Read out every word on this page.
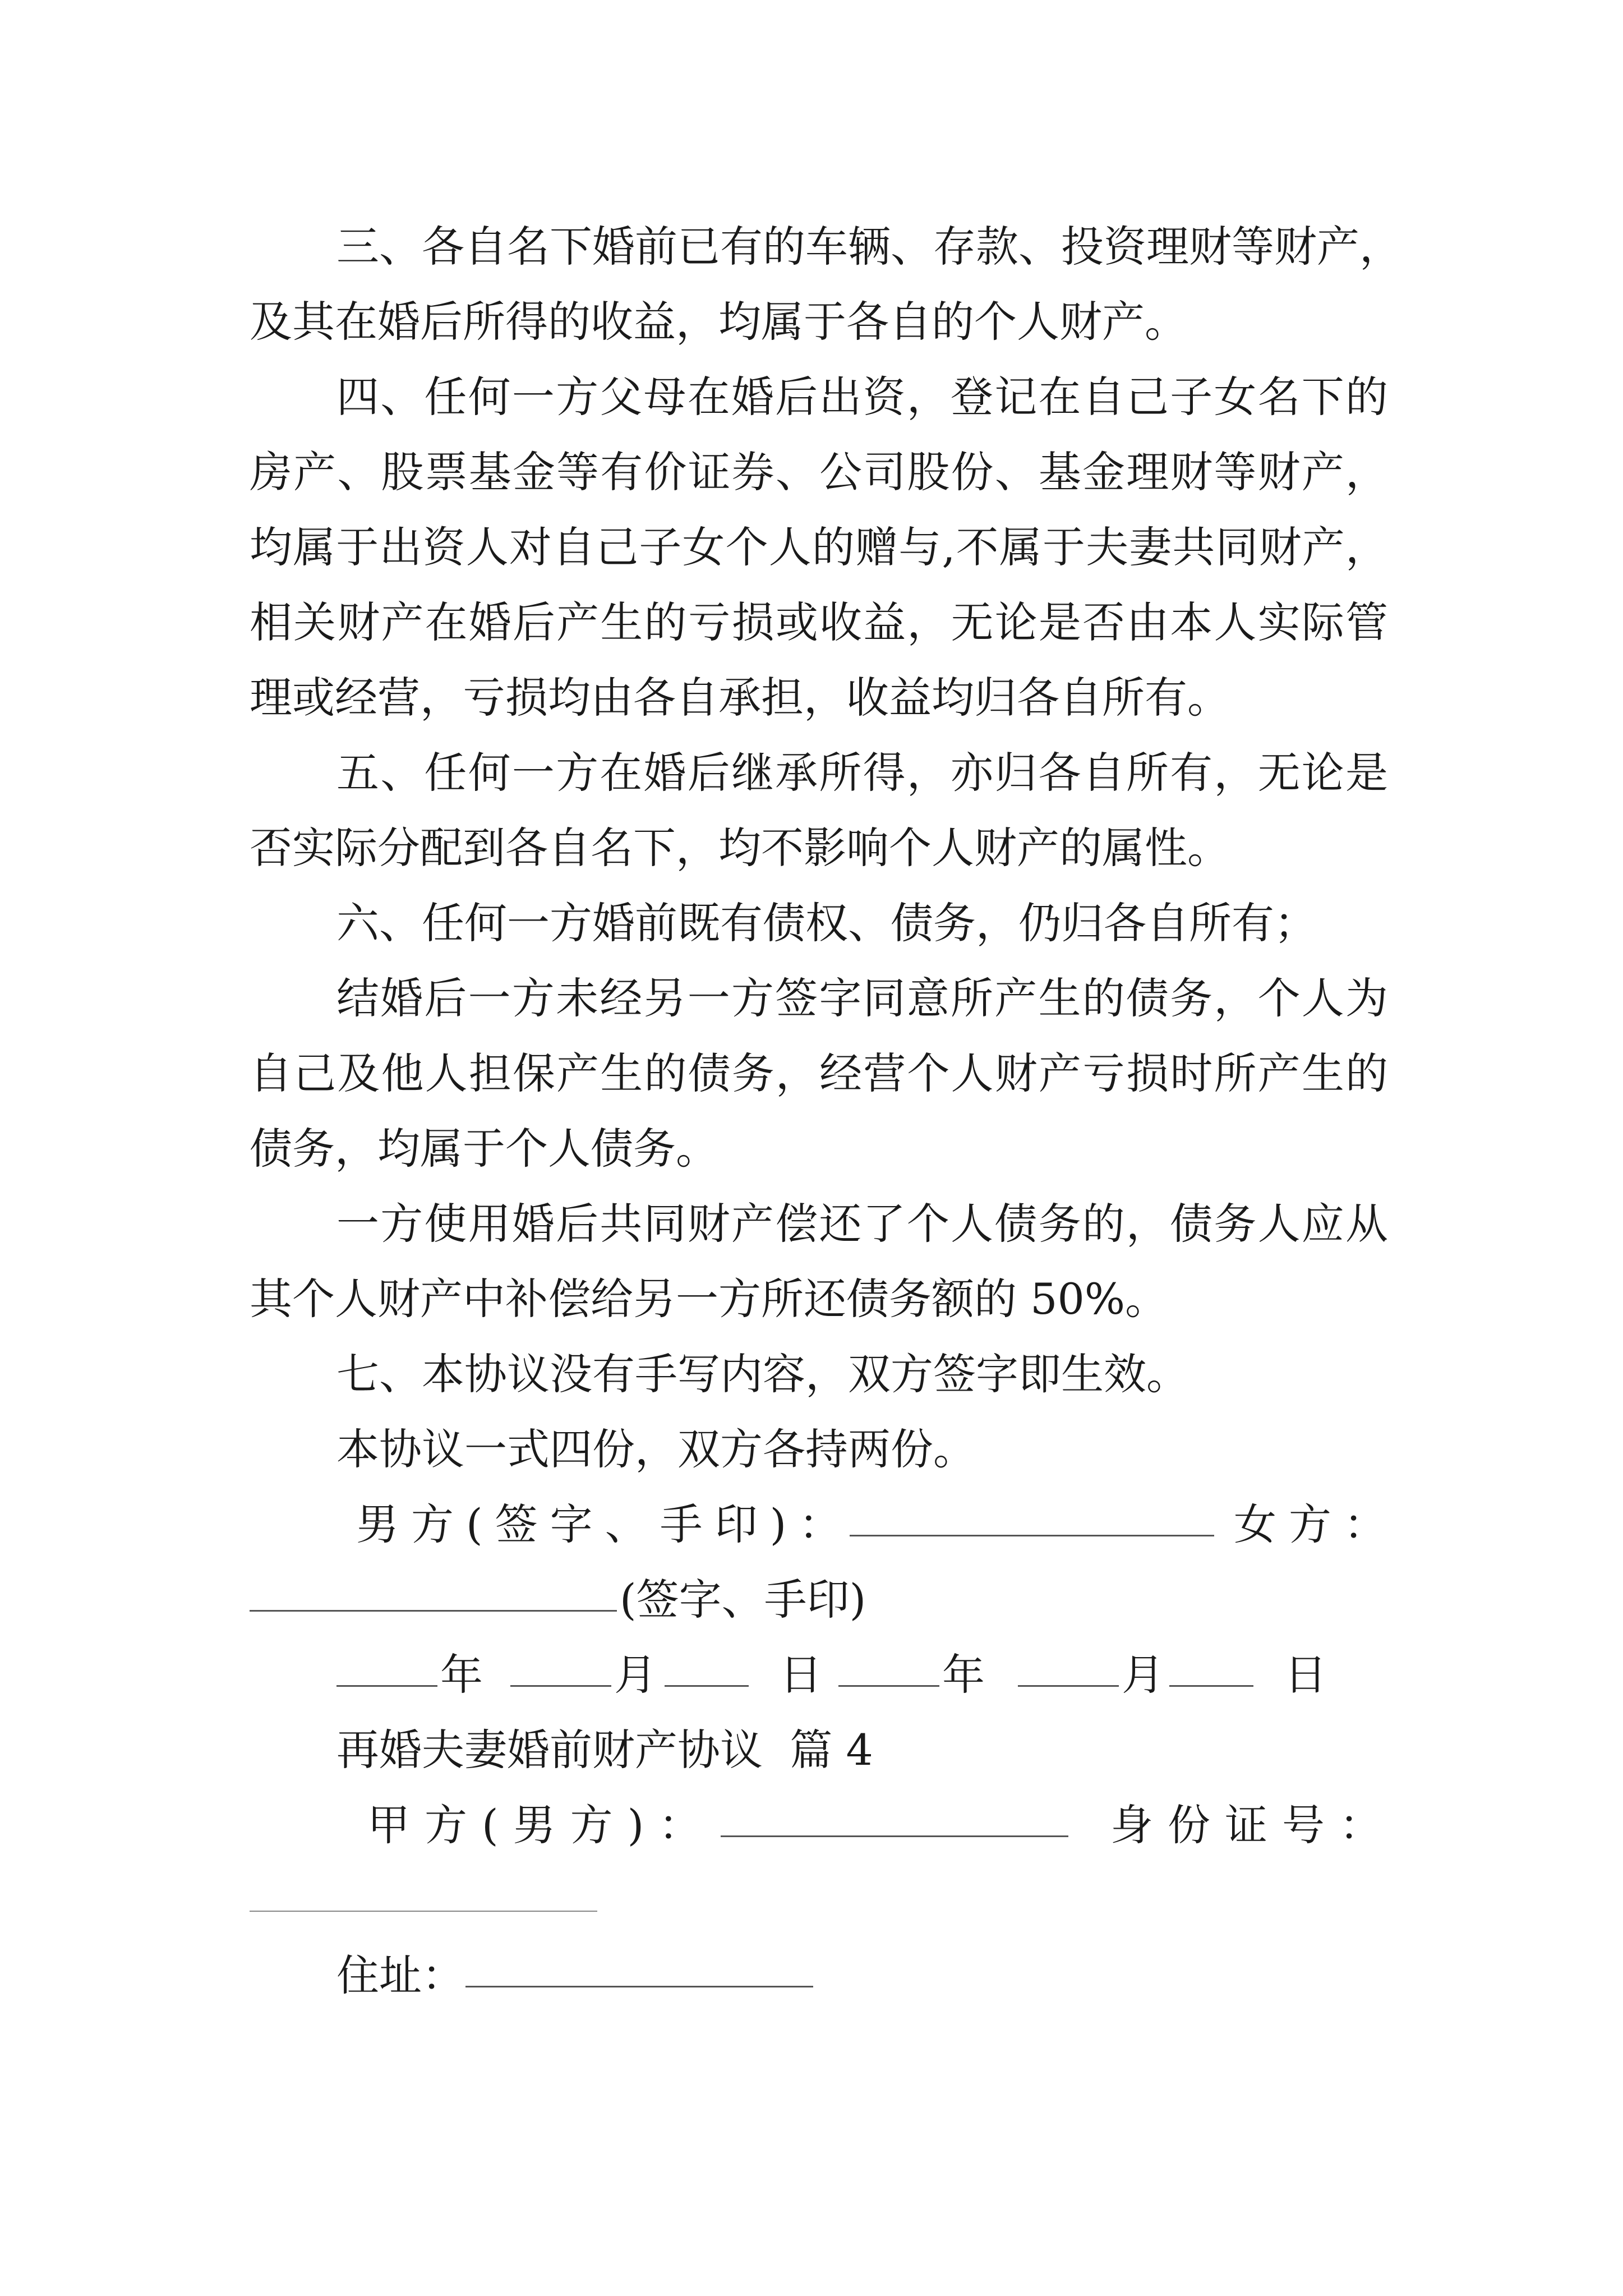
三、各自名下婚前已有的车辆、存款、投资理财等财产，
及其在婚后所得的收益，均属于各自的个人财产。
四、任何一方父母在婚后出资，登记在自己子女名下的
房产、股票基金等有价证券、公司股份、基金理财等财产，
均属于出资人对自己子女个人的赠与,不属于夫妻共同财产，
相关财产在婚后产生的亏损或收益，无论是否由本人实际管
理或经营，亏损均由各自承担，收益均归各自所有。
五、任何一方在婚后继承所得，亦归各自所有，无论是
否实际分配到各自名下，均不影响个人财产的属性。
六、任何一方婚前既有债权、债务，仍归各自所有；
结婚后一方未经另一方签字同意所产生的债务，个人为
自己及他人担保产生的债务，经营个人财产亏损时所产生的
债务，均属于个人债务。
一方使用婚后共同财产偿还了个人债务的，债务人应从
其个人财产中补偿给另一方所还债务额的 50%。
七、本协议没有手写内容，双方签字即生效。
本协议一式四份，双方各持两份。
男方(签字、手印)：	女方：
(签字、手印)
年	月	日	年	月	日
再婚夫妻婚前财产协议  篇 4
甲方(男方)：	身份证号：
住址：
